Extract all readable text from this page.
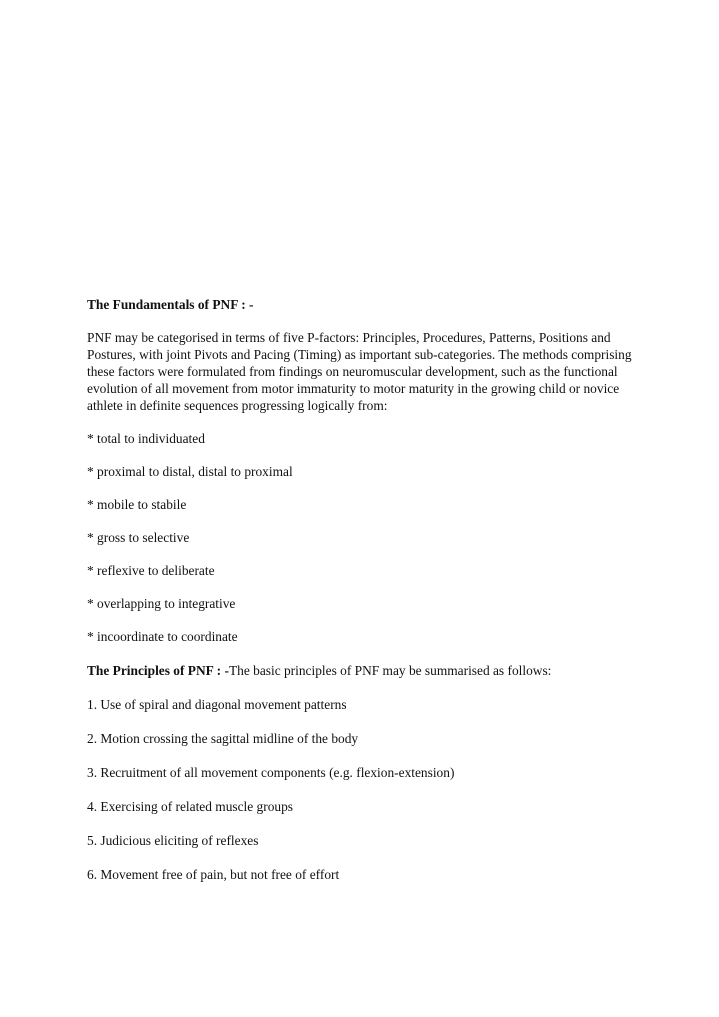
The Fundamentals of PNF : -

PNF may be categorised in terms of five P-factors: Principles, Procedures, Patterns, Positions and Postures, with joint Pivots and Pacing (Timing) as important sub-categories. The methods comprising these factors were formulated from findings on neuromuscular development, such as the functional evolution of all movement from motor immaturity to motor maturity in the growing child or novice athlete in definite sequences progressing logically from:

* total to individuated

* proximal to distal, distal to proximal

* mobile to stabile

* gross to selective

* reflexive to deliberate

* overlapping to integrative

* incoordinate to coordinate

The Principles of PNF : -The basic principles of PNF may be summarised as follows:

1. Use of spiral and diagonal movement patterns

2. Motion crossing the sagittal midline of the body

3. Recruitment of all movement components (e.g. flexion-extension)

4. Exercising of related muscle groups

5. Judicious eliciting of reflexes

6. Movement free of pain, but not free of effort
